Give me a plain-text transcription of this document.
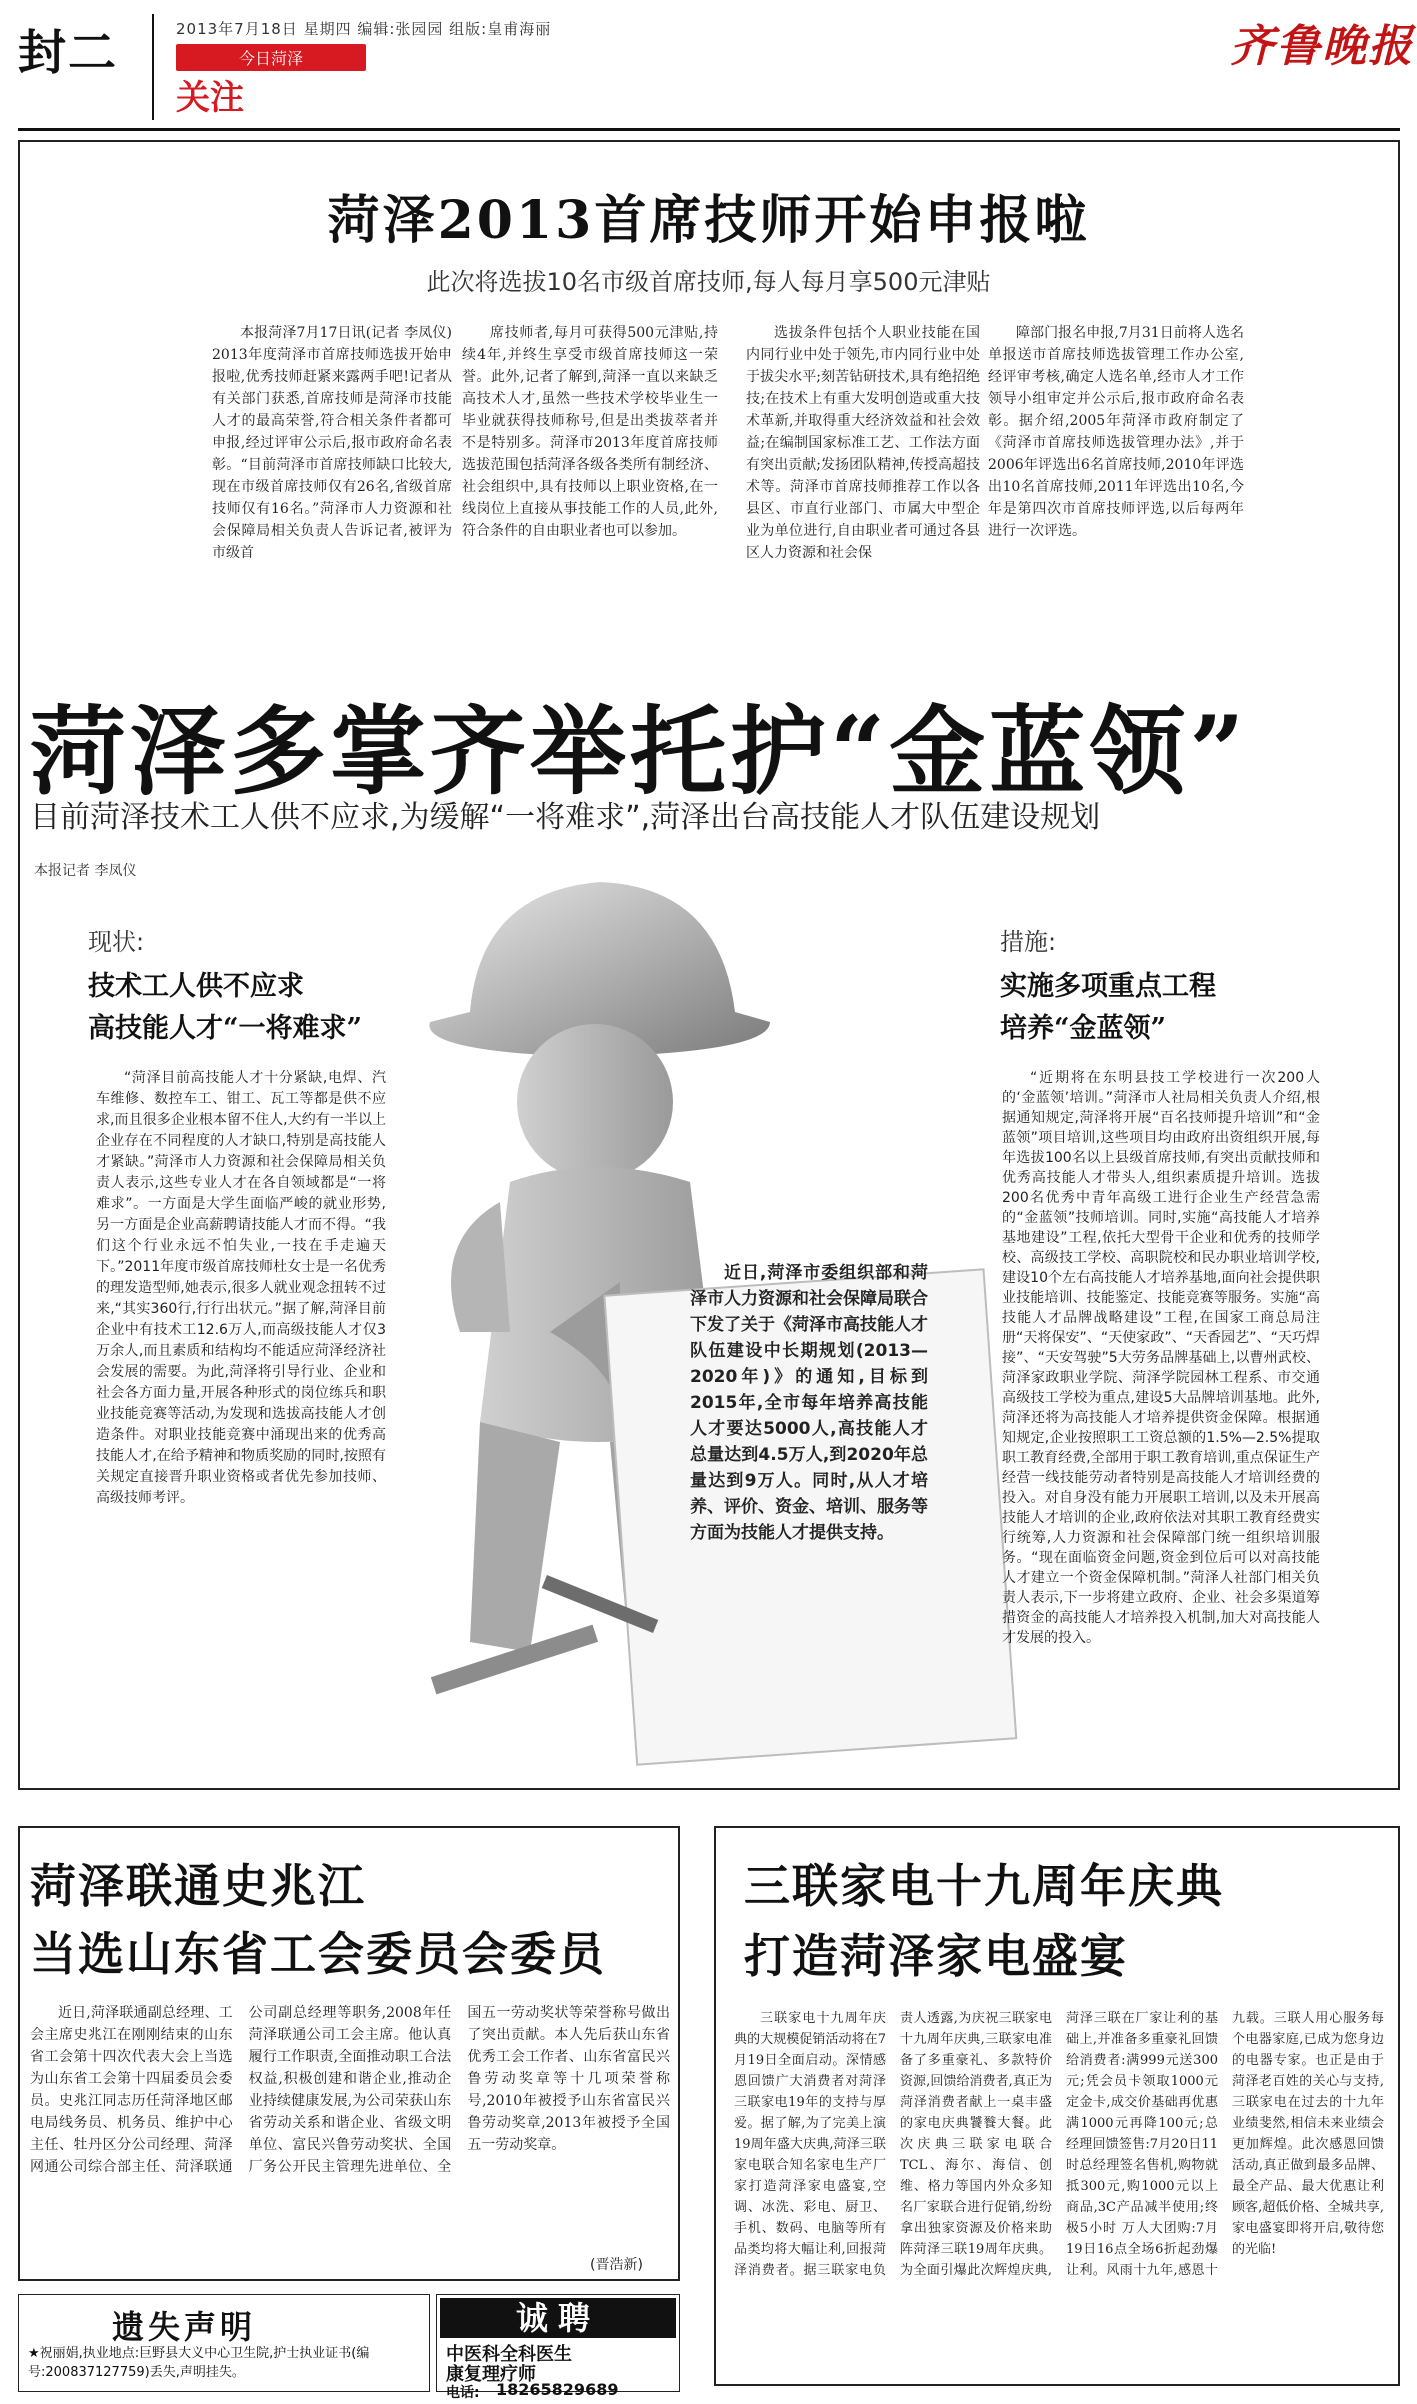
封二	2013年7月18日 星期四 编辑:张园园 组版:皇甫海丽
今日菏泽
关注
齐鲁晚报
菏泽2013首席技师开始申报啦
此次将选拔10名市级首席技师,每人每月享500元津贴

本报菏泽7月17日讯(记者 李凤仪) 2013年度菏泽市首席技师选拔开始申报啦,优秀技师赶紧来露两手吧!记者从有关部门获悉,首席技师是菏泽市技能人才的最高荣誉,符合相关条件者都可申报,经过评审公示后,报市政府命名表彰。“目前菏泽市首席技师缺口比较大,现在市级首席技师仅有26名,省级首席技师仅有16名。”菏泽市人力资源和社会保障局相关负责人告诉记者,被评为市级首

席技师者,每月可获得500元津贴,持续4年,并终生享受市级首席技师这一荣誉。此外,记者了解到,菏泽一直以来缺乏高技术人才,虽然一些技术学校毕业生一毕业就获得技师称号,但是出类拔萃者并不是特别多。菏泽市2013年度首席技师选拔范围包括菏泽各级各类所有制经济、社会组织中,具有技师以上职业资格,在一线岗位上直接从事技能工作的人员,此外,符合条件的自由职业者也可以参加。

选拔条件包括个人职业技能在国内同行业中处于领先,市内同行业中处于拔尖水平;刻苦钻研技术,具有绝招绝技;在技术上有重大发明创造或重大技术革新,并取得重大经济效益和社会效益;在编制国家标准工艺、工作法方面有突出贡献;发扬团队精神,传授高超技术等。菏泽市首席技师推荐工作以各县区、市直行业部门、市属大中型企业为单位进行,自由职业者可通过各县区人力资源和社会保

障部门报名申报,7月31日前将人选名单报送市首席技师选拔管理工作办公室,经评审考核,确定人选名单,经市人才工作领导小组审定并公示后,报市政府命名表彰。据介绍,2005年菏泽市政府制定了《菏泽市首席技师选拔管理办法》,并于2006年评选出6名首席技师,2010年评选出10名首席技师,2011年评选出10名,今年是第四次市首席技师评选,以后每两年进行一次评选。

菏泽多掌齐举托护“金蓝领”
目前菏泽技术工人供不应求,为缓解“一将难求”,菏泽出台高技能人才队伍建设规划
本报记者 李凤仪
现状:
技术工人供不应求
高技能人才“一将难求”

“菏泽目前高技能人才十分紧缺,电焊、汽车维修、数控车工、钳工、瓦工等都是供不应求,而且很多企业根本留不住人,大约有一半以上企业存在不同程度的人才缺口,特别是高技能人才紧缺。”菏泽市人力资源和社会保障局相关负责人表示,这些专业人才在各自领域都是“一将难求”。一方面是大学生面临严峻的就业形势,另一方面是企业高薪聘请技能人才而不得。“我们这个行业永远不怕失业,一技在手走遍天下。”2011年度市级首席技师杜女士是一名优秀的理发造型师,她表示,很多人就业观念扭转不过来,“其实360行,行行出状元。”据了解,菏泽目前企业中有技术工12.6万人,而高级技能人才仅3万余人,而且素质和结构均不能适应菏泽经济社会发展的需要。为此,菏泽将引导行业、企业和社会各方面力量,开展各种形式的岗位练兵和职业技能竞赛等活动,为发现和选拔高技能人才创造条件。对职业技能竞赛中涌现出来的优秀高技能人才,在给予精神和物质奖励的同时,按照有关规定直接晋升职业资格或者优先参加技师、高级技师考评。

近日,菏泽市委组织部和菏泽市人力资源和社会保障局联合下发了关于《菏泽市高技能人才队伍建设中长期规划(2013—2020年)》的通知,目标到2015年,全市每年培养高技能人才要达5000人,高技能人才总量达到4.5万人,到2020年总量达到9万人。同时,从人才培养、评价、资金、培训、服务等方面为技能人才提供支持。

措施:
实施多项重点工程
培养“金蓝领”

“近期将在东明县技工学校进行一次200人的‘金蓝领’培训。”菏泽市人社局相关负责人介绍,根据通知规定,菏泽将开展“百名技师提升培训”和“金蓝领”项目培训,这些项目均由政府出资组织开展,每年选拔100名以上县级首席技师,有突出贡献技师和优秀高技能人才带头人,组织素质提升培训。选拔200名优秀中青年高级工进行企业生产经营急需的“金蓝领”技师培训。同时,实施“高技能人才培养基地建设”工程,依托大型骨干企业和优秀的技师学校、高级技工学校、高职院校和民办职业培训学校,建设10个左右高技能人才培养基地,面向社会提供职业技能培训、技能鉴定、技能竞赛等服务。实施“高技能人才品牌战略建设”工程,在国家工商总局注册“天将保安”、“天使家政”、“天香园艺”、“天巧焊接”、“天安驾驶”5大劳务品牌基础上,以曹州武校、菏泽家政职业学院、菏泽学院园林工程系、市交通高级技工学校为重点,建设5大品牌培训基地。此外,菏泽还将为高技能人才培养提供资金保障。根据通知规定,企业按照职工工资总额的1.5%—2.5%提取职工教育经费,全部用于职工教育培训,重点保证生产经营一线技能劳动者特别是高技能人才培训经费的投入。对自身没有能力开展职工培训,以及未开展高技能人才培训的企业,政府依法对其职工教育经费实行统筹,人力资源和社会保障部门统一组织培训服务。“现在面临资金问题,资金到位后可以对高技能人才建立一个资金保障机制。”菏泽人社部门相关负责人表示,下一步将建立政府、企业、社会多渠道筹措资金的高技能人才培养投入机制,加大对高技能人才发展的投入。

菏泽联通史兆江
当选山东省工会委员会委员

近日,菏泽联通副总经理、工会主席史兆江在刚刚结束的山东省工会第十四次代表大会上当选为山东省工会第十四届委员会委员。史兆江同志历任菏泽地区邮电局线务员、机务员、维护中心主任、牡丹区分公司经理、菏泽网通公司综合部主任、菏泽联通公司副总经理等职务,2008年任菏泽联通公司工会主席。他认真履行工作职责,全面推动职工合法权益,积极创建和谐企业,推动企业持续健康发展,为公司荣获山东省劳动关系和谐企业、省级文明单位、富民兴鲁劳动奖状、全国厂务公开民主管理先进单位、全国五一劳动奖状等荣誉称号做出了突出贡献。本人先后获山东省优秀工会工作者、山东省富民兴鲁劳动奖章等十几项荣誉称号,2010年被授予山东省富民兴鲁劳动奖章,2013年被授予全国五一劳动奖章。

(晋浩新)
三联家电十九周年庆典
打造菏泽家电盛宴

三联家电十九周年庆典的大规模促销活动将在7月19日全面启动。深情感恩回馈广大消费者对菏泽三联家电19年的支持与厚爱。据了解,为了完美上演19周年盛大庆典,菏泽三联家电联合知名家电生产厂家打造菏泽家电盛宴,空调、冰洗、彩电、厨卫、手机、数码、电脑等所有品类均将大幅让利,回报菏泽消费者。据三联家电负责人透露,为庆祝三联家电十九周年庆典,三联家电准备了多重豪礼、多款特价资源,回馈给消费者,真正为菏泽消费者献上一桌丰盛的家电庆典饕餮大餐。此次庆典三联家电联合TCL、海尔、海信、创维、格力等国内外众多知名厂家联合进行促销,纷纷拿出独家资源及价格来助阵菏泽三联19周年庆典。为全面引爆此次辉煌庆典,菏泽三联在厂家让利的基础上,并准备多重豪礼回馈给消费者:满999元送300元;凭会员卡领取1000元定金卡,成交价基础再优惠满1000元再降100元;总经理回馈签售:7月20日11时总经理签名售机,购物就抵300元,购1000元以上商品,3C产品减半使用;终极5小时 万人大团购:7月19日16点全场6折起劲爆让利。风雨十九年,感恩十九载。三联人用心服务每个电器家庭,已成为您身边的电器专家。也正是由于菏泽老百姓的关心与支持,三联家电在过去的十九年业绩斐然,相信未来业绩会更加辉煌。此次感恩回馈活动,真正做到最多品牌、最全产品、最大优惠让利顾客,超低价格、全城共享,家电盛宴即将开启,敬待您的光临!

遗失声明
★祝丽娟,执业地点:巨野县大义中心卫生院,护士执业证书(编号:200837127759)丢失,声明挂失。
诚聘
中医科全科医生
康复理疗师
电话: 18265829689
